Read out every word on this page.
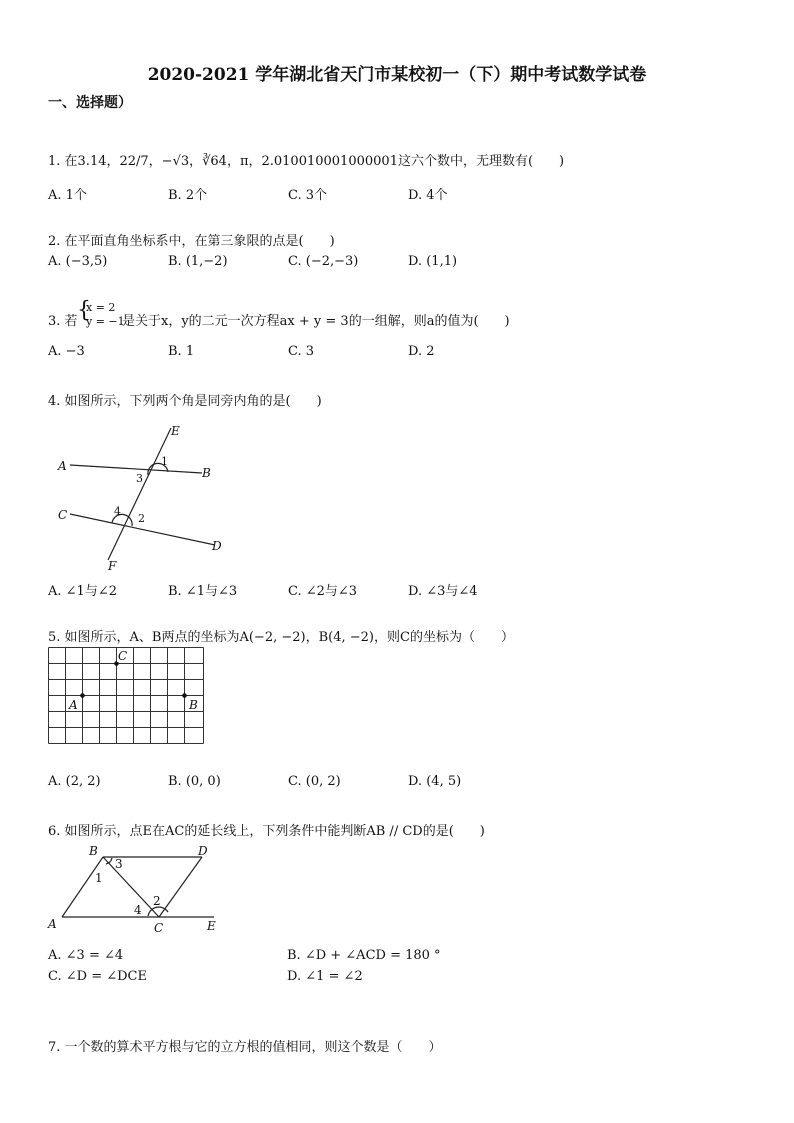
2020-2021 学年湖北省天门市某校初一（下）期中考试数学试卷
一、选择题）
1. 在3.14，22/7，−√3，∛64，π，2.010010001000001这六个数中，无理数有(　　)
A. 1个	B. 2个	C. 3个	D. 4个
2. 在平面直角坐标系中，在第三象限的点是(　　)
A. (−3,5)	B. (1,−2)	C. (−2,−3)	D. (1,1)
3. 若 {
x = 2
y = −1
是关于x，y的二元一次方程ax + y = 3的一组解，则a的值为(　　)
A. −3	B. 1	C. 3	D. 2
4. 如图所示，下列两个角是同旁内角的是(　　)
A	B
C
D
E
F
1
3
2
4
A. ∠1与∠2	B. ∠1与∠3	C. ∠2与∠3	D. ∠3与∠4
5. 如图所示，A、B两点的坐标为A(−2, −2)，B(4, −2)，则C的坐标为（　　）
A	B
C
A. (2, 2)	B. (0, 0)	C. (0, 2)	D. (4, 5)
6. 如图所示，点E在AC的延长线上，下列条件中能判断AB // CD的是(　　)
A
B
C
D
E
1
3
2
4
A. ∠3 = ∠4	B. ∠D + ∠ACD = 180 °
C. ∠D = ∠DCE	D. ∠1 = ∠2
7. 一个数的算术平方根与它的立方根的值相同，则这个数是（　　）
